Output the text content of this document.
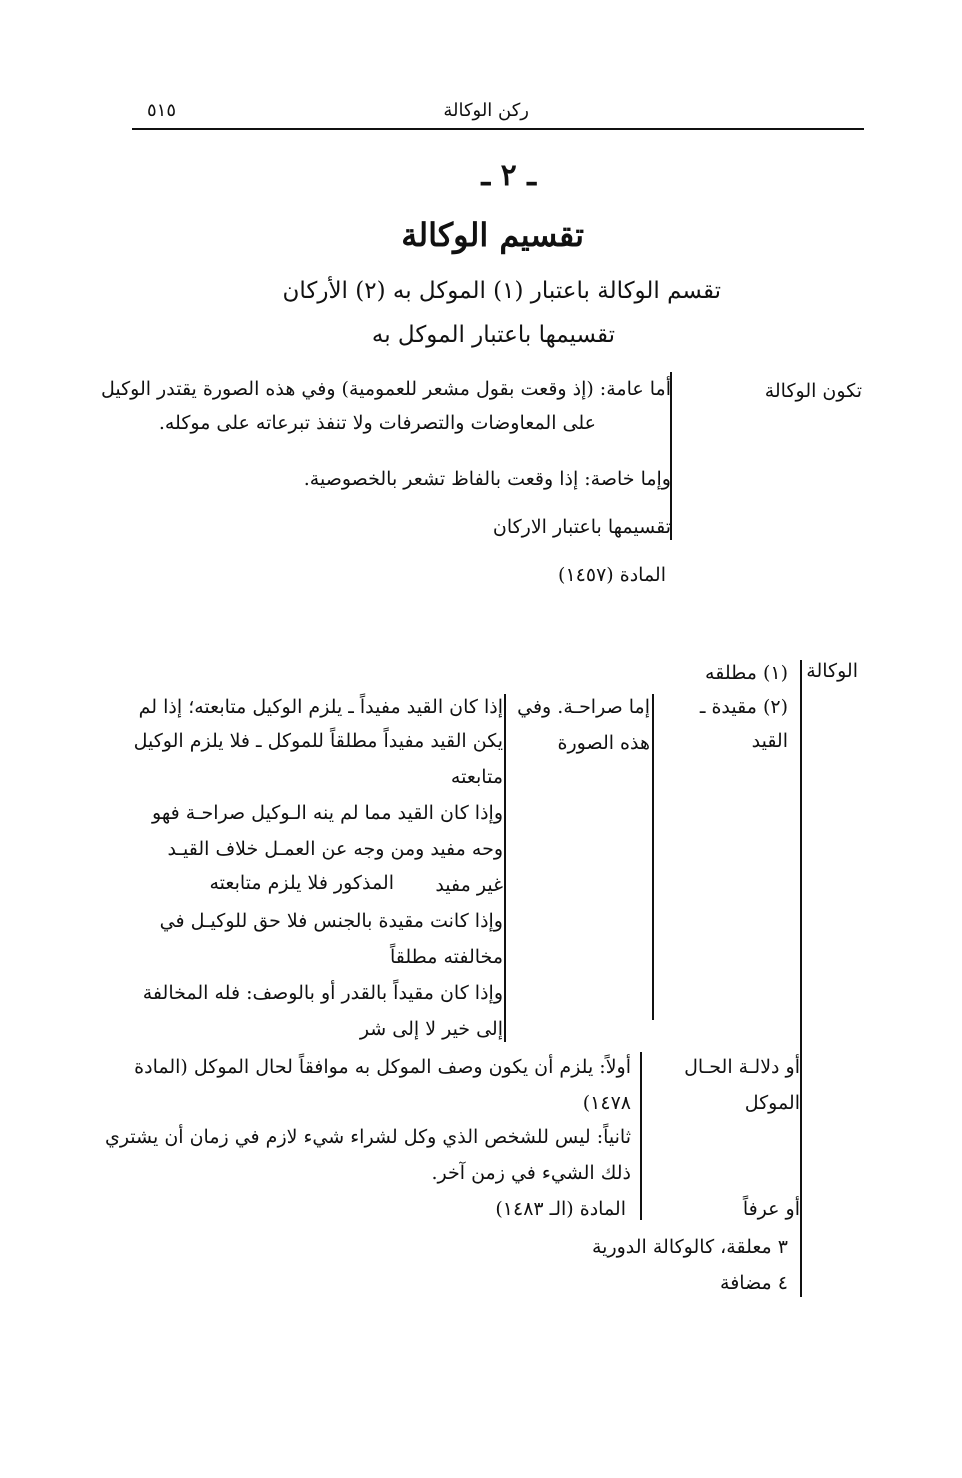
ركن الوكالة
٥١٥
ـ ٢ ـ
تقسيم الوكالة
تقسم الوكالة باعتبار (١) الموكل به (٢) الأركان
تقسيمها باعتبار الموكل به
تكون الوكالة
أما عامة: (إذ وقعت بقول مشعر للعمومية) وفي هذه الصورة يقتدر الوكيل
على المعاوضات والتصرفات ولا تنفذ تبرعاته على موكله.
وإما خاصة: إذا وقعت بالفاظ تشعر بالخصوصية.
تقسيمها باعتبار الاركان
المادة (١٤٥٧)
الوكالة
(١) مطلقه
(٢) مقيدة ـ
القيد
إما صراحـة. وفي
هذه الصورة
إذا كان القيد مفيداً ـ يلزم الوكيل متابعته؛ إذا لم
يكن القيد مفيداً مطلقاً للموكل ـ فلا يلزم الوكيل
متابعته
وإذا كان القيد مما لم ينه الـوكيل صراحـة فهو
وحه مفيد ومن وجه عن العمـل خلاف القيـد
غير مفيد
المذكور فلا يلزم متابعته
وإذا كانت مقيدة بالجنس فلا حق للوكيـل في
مخالفته مطلقاً
وإذا كان مقيداً بالقدر أو بالوصف: فله المخالفة
إلى خير لا إلى شر
أو دلالـة الحـال
الموكل
أولاً: يلزم أن يكون وصف الموكل به موافقاً لحال الموكل (المادة
١٤٧٨)
ثانياً: ليس للشخص الذي وكل لشراء شيء لازم في زمان أن يشتري
ذلك الشيء في زمن آخر.
المادة (الـ ١٤٨٣)	أو عرفاً
٣ معلقة، كالوكالة الدورية
٤ مضافة
